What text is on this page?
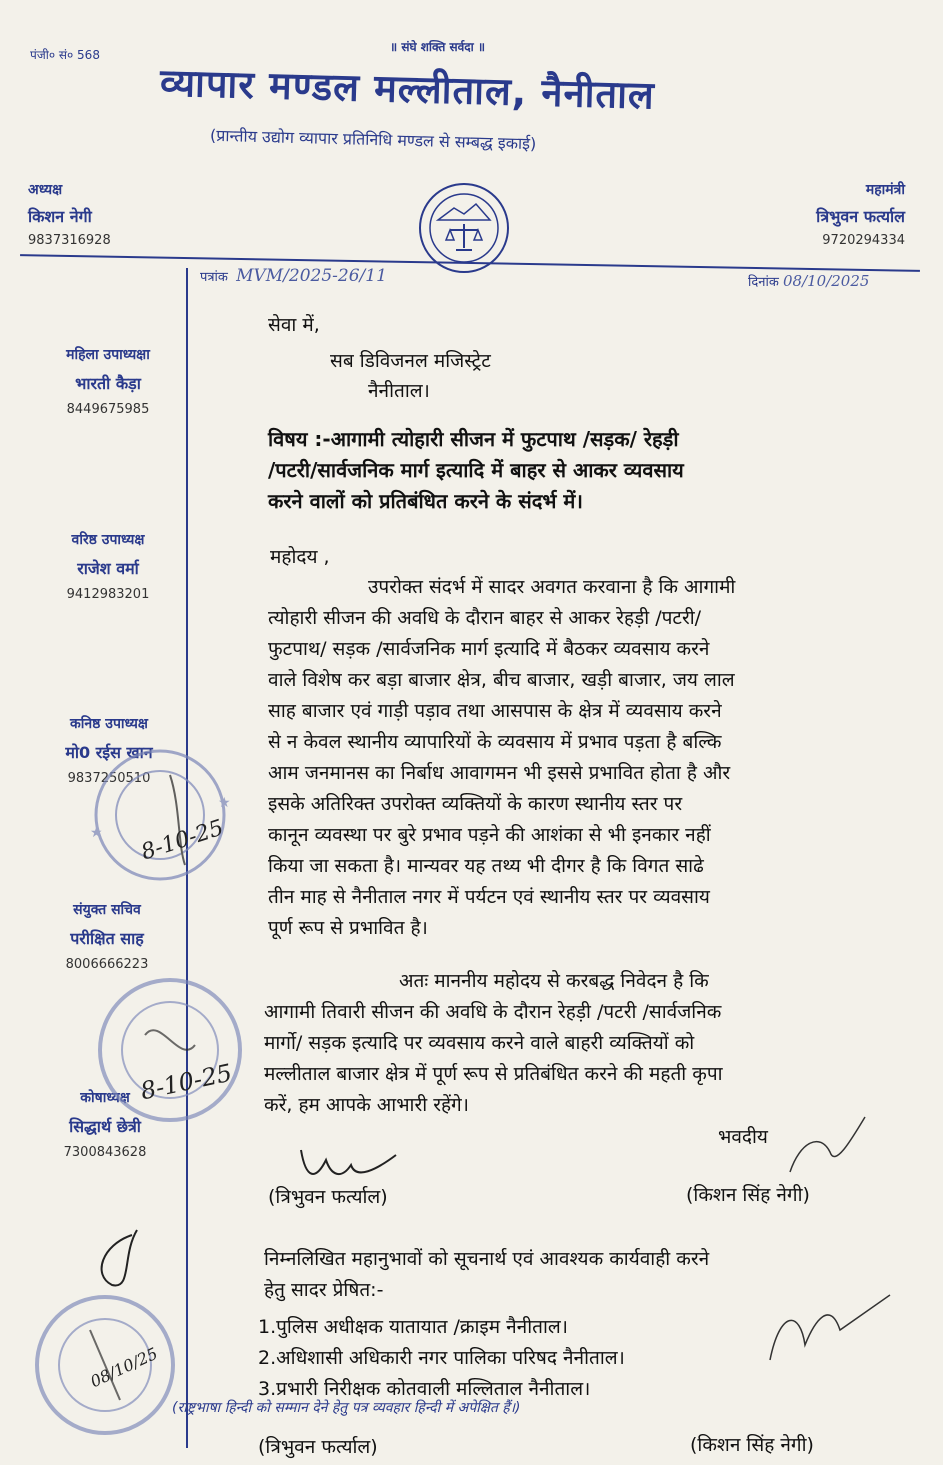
पंजी० सं० 568
॥ संघे शक्ति सर्वदा ॥
व्यापार मण्डल मल्लीताल, नैनीताल
(प्रान्तीय उद्योग व्यापार प्रतिनिधि मण्डल से सम्बद्ध इकाई)
अध्यक्ष
किशन नेगी
9837316928
महामंत्री
त्रिभुवन फर्त्याल
9720294334
पत्रांक MVM/2025-26/11	दिनांक 08/10/2025
महिला उपाध्यक्षा
भारती कैड़ा
8449675985
वरिष्ठ उपाध्यक्ष
राजेश वर्मा
9412983201
कनिष्ठ उपाध्यक्ष
मो0 रईस खान
9837250510
संयुक्त सचिव
परीक्षित साह
8006666223
कोषाध्यक्ष
सिद्धार्थ छेत्री
7300843628
★
★ 8-10-25
8-10-25
08/10/25
सेवा में,
सब डिविजनल मजिस्ट्रेट
नैनीताल।
विषय :-आगामी त्योहारी सीजन में फुटपाथ /सड़क/ रेहड़ी
/पटरी/सार्वजनिक मार्ग इत्यादि में बाहर से आकर व्यवसाय
करने वालों को प्रतिबंधित करने के संदर्भ में।
महोदय ,
उपरोक्त संदर्भ में सादर अवगत करवाना है कि आगामी
त्योहारी सीजन की अवधि के दौरान बाहर से आकर रेहड़ी /पटरी/
फुटपाथ/ सड़क /सार्वजनिक मार्ग इत्यादि में बैठकर व्यवसाय करने
वाले विशेष कर बड़ा बाजार क्षेत्र, बीच बाजार, खड़ी बाजार, जय लाल
साह बाजार एवं गाड़ी पड़ाव तथा आसपास के क्षेत्र में व्यवसाय करने
से न केवल स्थानीय व्यापारियों के व्यवसाय में प्रभाव पड़ता है बल्कि
आम जनमानस का निर्बाध आवागमन भी इससे प्रभावित होता है और
इसके अतिरिक्त उपरोक्त व्यक्तियों के कारण स्थानीय स्तर पर
कानून व्यवस्था पर बुरे प्रभाव पड़ने की आशंका से भी इनकार नहीं
किया जा सकता है। मान्यवर यह तथ्य भी दीगर है कि विगत साढे
तीन माह से नैनीताल नगर में पर्यटन एवं स्थानीय स्तर पर व्यवसाय
पूर्ण रूप से प्रभावित है।
अतः माननीय महोदय से करबद्ध निवेदन है कि
आगामी तिवारी सीजन की अवधि के दौरान रेहड़ी /पटरी /सार्वजनिक
मार्गो/ सड़क इत्यादि पर व्यवसाय करने वाले बाहरी व्यक्तियों को
मल्लीताल बाजार क्षेत्र में पूर्ण रूप से प्रतिबंधित करने की महती कृपा
करें, हम आपके आभारी रहेंगे।
भवदीय
(त्रिभुवन फर्त्याल)	(किशन सिंह नेगी)
निम्नलिखित महानुभावों को सूचनार्थ एवं आवश्यक कार्यवाही करने
हेतु सादर प्रेषित:-
1.पुलिस अधीक्षक यातायात /क्राइम नैनीताल।
2.अधिशासी अधिकारी नगर पालिका परिषद नैनीताल।
3.प्रभारी निरीक्षक कोतवाली मल्लिताल नैनीताल।
(राष्ट्रभाषा हिन्दी को सम्मान देने हेतु पत्र व्यवहार हिन्दी में अपेक्षित हैं।)
(त्रिभुवन फर्त्याल)	(किशन सिंह नेगी)
